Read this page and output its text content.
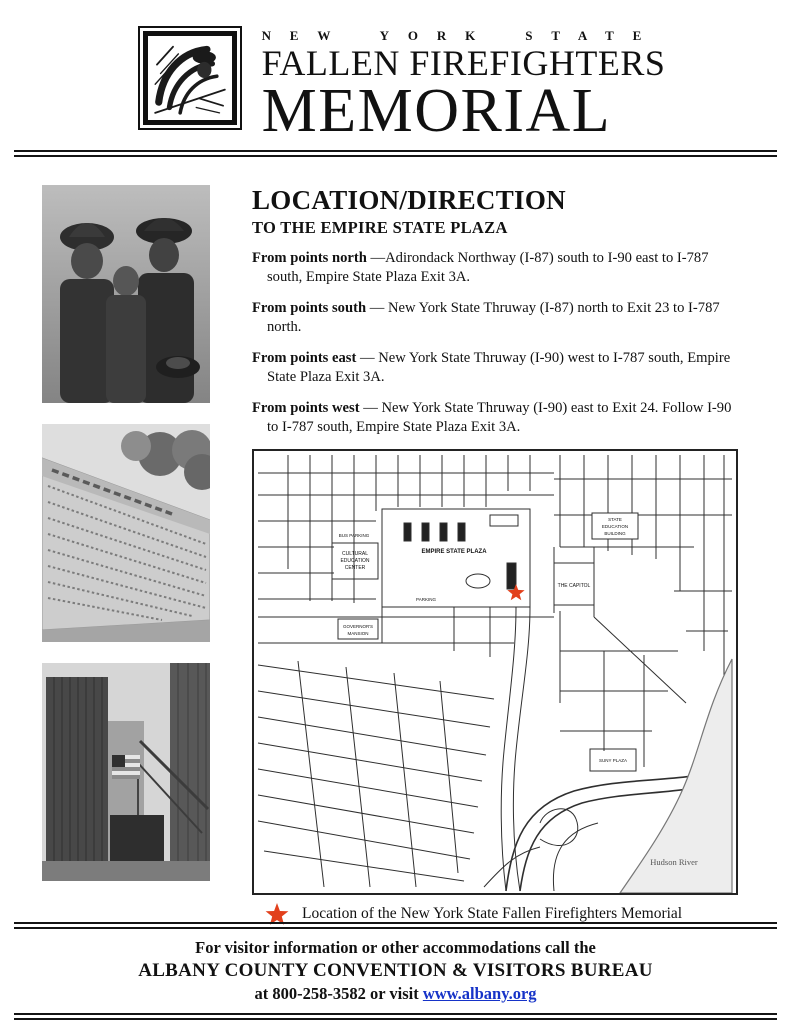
NEW YORK STATE
FALLEN FIREFIGHTERS
MEMORIAL
LOCATION/DIRECTION
TO THE EMPIRE STATE PLAZA

From points north —Adirondack Northway (I-87) south to I-90 east to I-787 south, Empire State Plaza Exit 3A.

From points south — New York State Thruway (I-87) north to Exit 23 to I-787 north.

From points east — New York State Thruway (I-90) west to I-787 south, Empire State Plaza Exit 3A.

From points west — New York State Thruway (I-90) east to Exit 24. Follow I-90 to I-787 south, Empire State Plaza Exit 3A.

BUS PARKING
CULTURAL
EDUCATION
CENTER
EMPIRE STATE PLAZA
PARKING
GOVERNOR'S
MANSION
THE CAPITOL
STATE
EDUCATION
BUILDING
SUNY PLAZA
Hudson River
Location of the New York State Fallen Firefighters Memorial

For visitor information or other accommodations call the

ALBANY COUNTY CONVENTION & VISITORS BUREAU

at 800-258-3582 or visit www.albany.org
